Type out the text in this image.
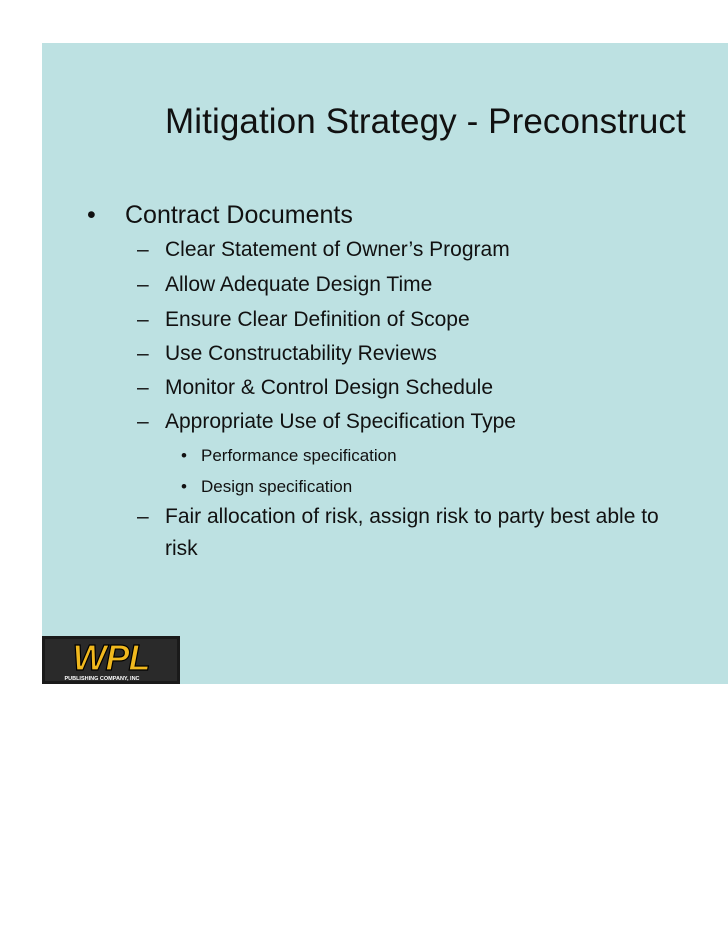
Mitigation Strategy - Preconstruct
• Contract Documents
– Clear Statement of Owner’s Program
– Allow Adequate Design Time
– Ensure Clear Definition of Scope
– Use Constructability Reviews
– Monitor & Control Design Schedule
– Appropriate Use of Specification Type
• Performance specification
• Design specification
– Fair allocation of risk, assign risk to party best able to
risk
WPL
PUBLISHING COMPANY, INC
